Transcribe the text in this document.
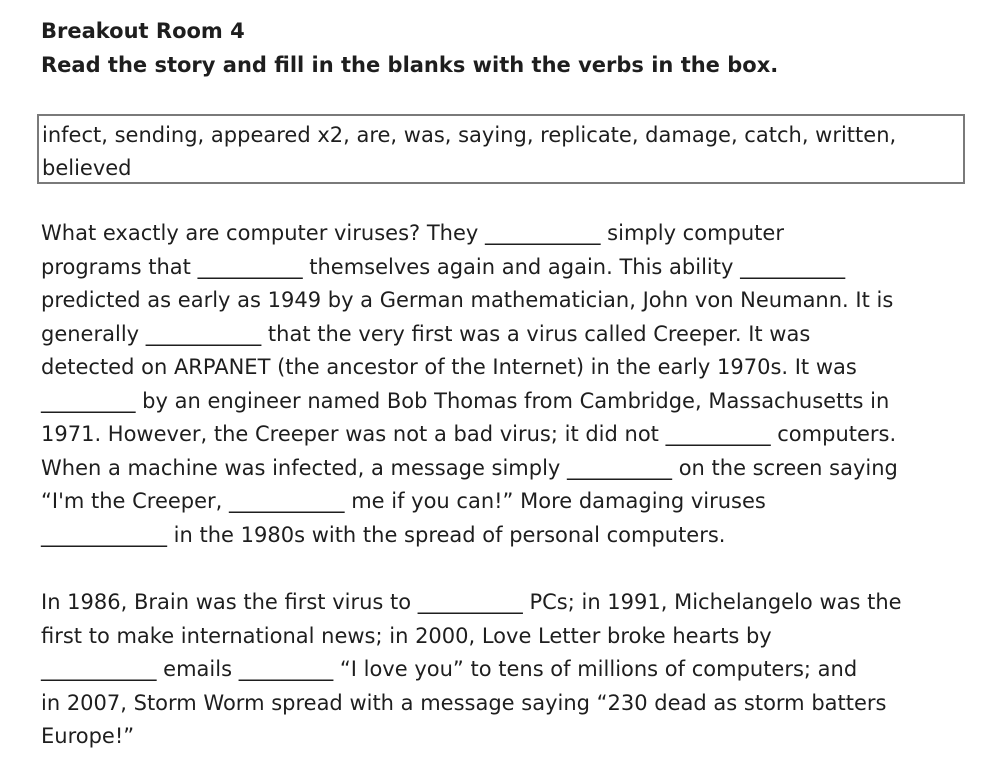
Breakout Room 4
Read the story and fill in the blanks with the verbs in the box.
infect, sending, appeared x2, are, was, saying, replicate, damage, catch, written,
believed
What exactly are computer viruses? They ___________ simply computer
programs that __________ themselves again and again. This ability __________
predicted as early as 1949 by a German mathematician, John von Neumann. It is
generally ___________ that the very first was a virus called Creeper. It was
detected on ARPANET (the ancestor of the Internet) in the early 1970s. It was
_________ by an engineer named Bob Thomas from Cambridge, Massachusetts in
1971. However, the Creeper was not a bad virus; it did not __________ computers.
When a machine was infected, a message simply __________ on the screen saying
“I'm the Creeper, ___________ me if you can!” More damaging viruses
____________ in the 1980s with the spread of personal computers.
In 1986, Brain was the first virus to __________ PCs; in 1991, Michelangelo was the
first to make international news; in 2000, Love Letter broke hearts by
___________ emails _________ “I love you” to tens of millions of computers; and
in 2007, Storm Worm spread with a message saying “230 dead as storm batters
Europe!”
